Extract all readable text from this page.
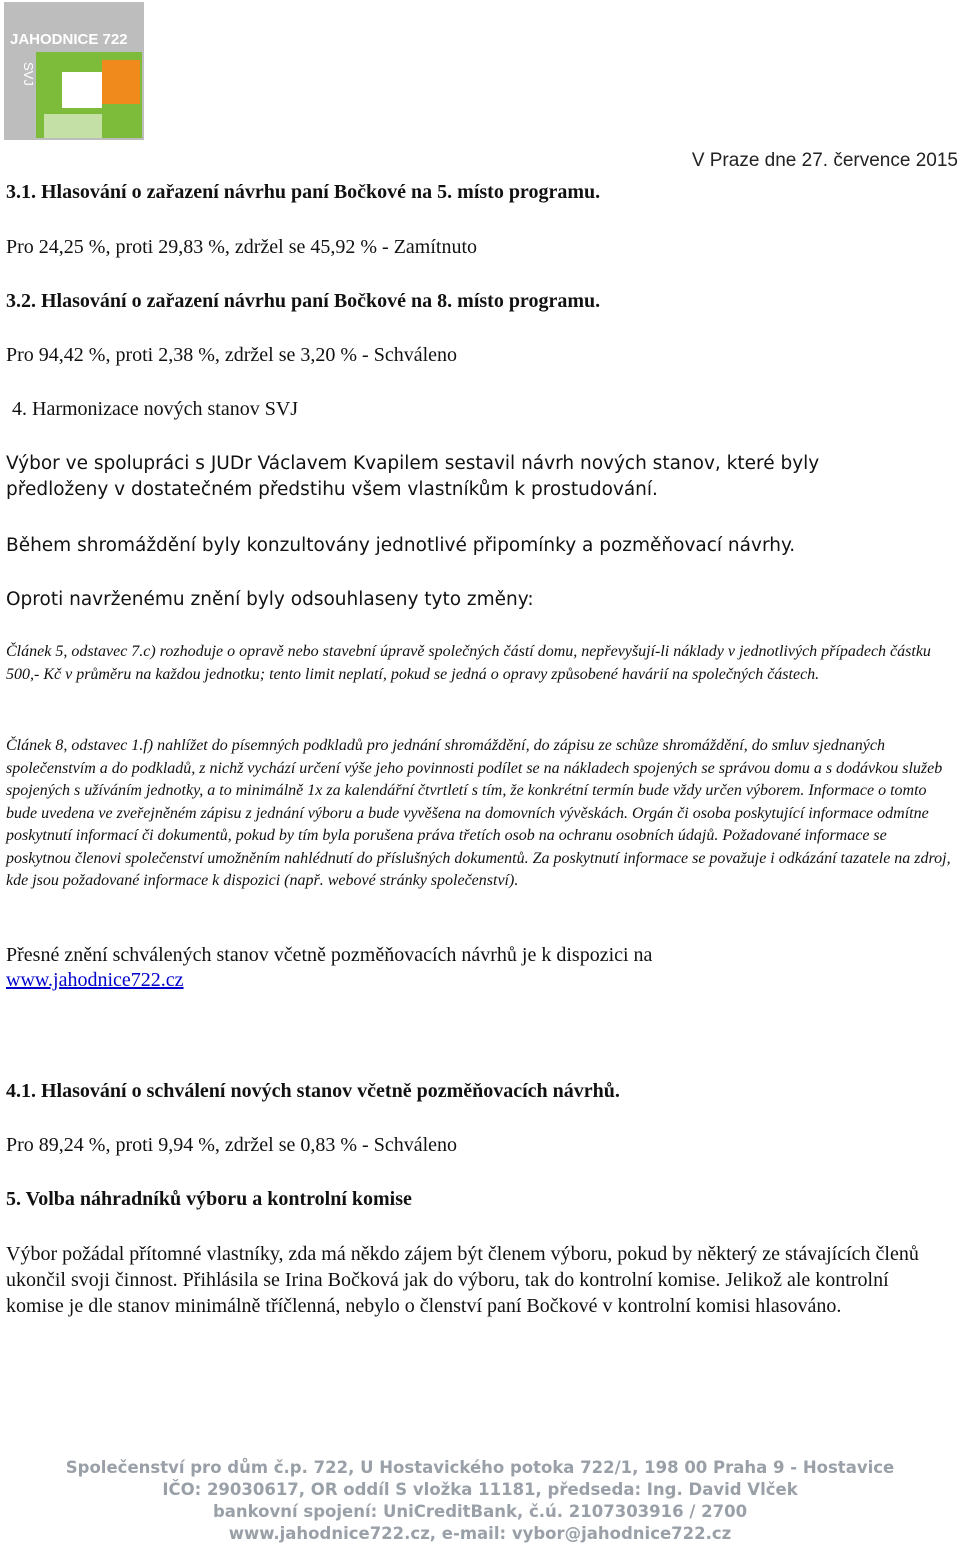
JAHODNICE 722
SVJ
V Praze dne 27. července 2015
3.1. Hlasování o zařazení návrhu paní Bočkové na 5. místo programu.
Pro 24,25 %, proti 29,83 %, zdržel se 45,92 % - Zamítnuto
3.2. Hlasování o zařazení návrhu paní Bočkové na 8. místo programu.
Pro 94,42 %, proti 2,38 %, zdržel se 3,20 % - Schváleno
4. Harmonizace nových stanov SVJ
Výbor ve spolupráci s JUDr Václavem Kvapilem sestavil návrh nových stanov, které byly předloženy v dostatečném předstihu všem vlastníkům k prostudování.
Během shromáždění byly konzultovány jednotlivé připomínky a pozměňovací návrhy.
Oproti navrženému znění byly odsouhlaseny tyto změny:
Článek 5, odstavec 7.c) rozhoduje o opravě nebo stavební úpravě společných částí domu, nepřevyšují-li náklady v jednotlivých případech částku 500,- Kč v průměru na každou jednotku; tento limit neplatí, pokud se jedná o opravy způsobené havárií na společných částech.
Článek 8, odstavec 1.f) nahlížet do písemných podkladů pro jednání shromáždění, do zápisu ze schůze shromáždění, do smluv sjednaných společenstvím a do podkladů, z nichž vychází určení výše jeho povinnosti podílet se na nákladech spojených se správou domu a s dodávkou služeb spojených s užíváním jednotky, a to minimálně 1x za kalendářní čtvrtletí s tím, že konkrétní termín bude vždy určen výborem. Informace o tomto bude uvedena ve zveřejněném zápisu z jednání výboru a bude vyvěšena na domovních vývěskách. Orgán či osoba poskytující informace odmítne poskytnutí informací či dokumentů, pokud by tím byla porušena práva třetích osob na ochranu osobních údajů. Požadované informace se poskytnou členovi společenství umožněním nahlédnutí do příslušných dokumentů. Za poskytnutí informace se považuje i odkázání tazatele na zdroj, kde jsou požadované informace k dispozici (např. webové stránky společenství).
Přesné znění schválených stanov včetně pozměňovacích návrhů je k dispozici na
www.jahodnice722.cz
4.1. Hlasování o schválení nových stanov včetně pozměňovacích návrhů.
Pro 89,24 %, proti 9,94 %, zdržel se 0,83 % - Schváleno
5. Volba náhradníků výboru a kontrolní komise
Výbor požádal přítomné vlastníky, zda má někdo zájem být členem výboru, pokud by některý ze stávajících členů ukončil svoji činnost. Přihlásila se Irina Bočková jak do výboru, tak do kontrolní komise. Jelikož ale kontrolní komise je dle stanov minimálně tříčlenná, nebylo o členství paní Bočkové v kontrolní komisi hlasováno.
Společenství pro dům č.p. 722, U Hostavického potoka 722/1, 198 00 Praha 9 - Hostavice
IČO: 29030617, OR oddíl S vložka 11181, předseda: Ing. David Vlček
bankovní spojení: UniCreditBank, č.ú. 2107303916 / 2700
www.jahodnice722.cz, e-mail: vybor@jahodnice722.cz
